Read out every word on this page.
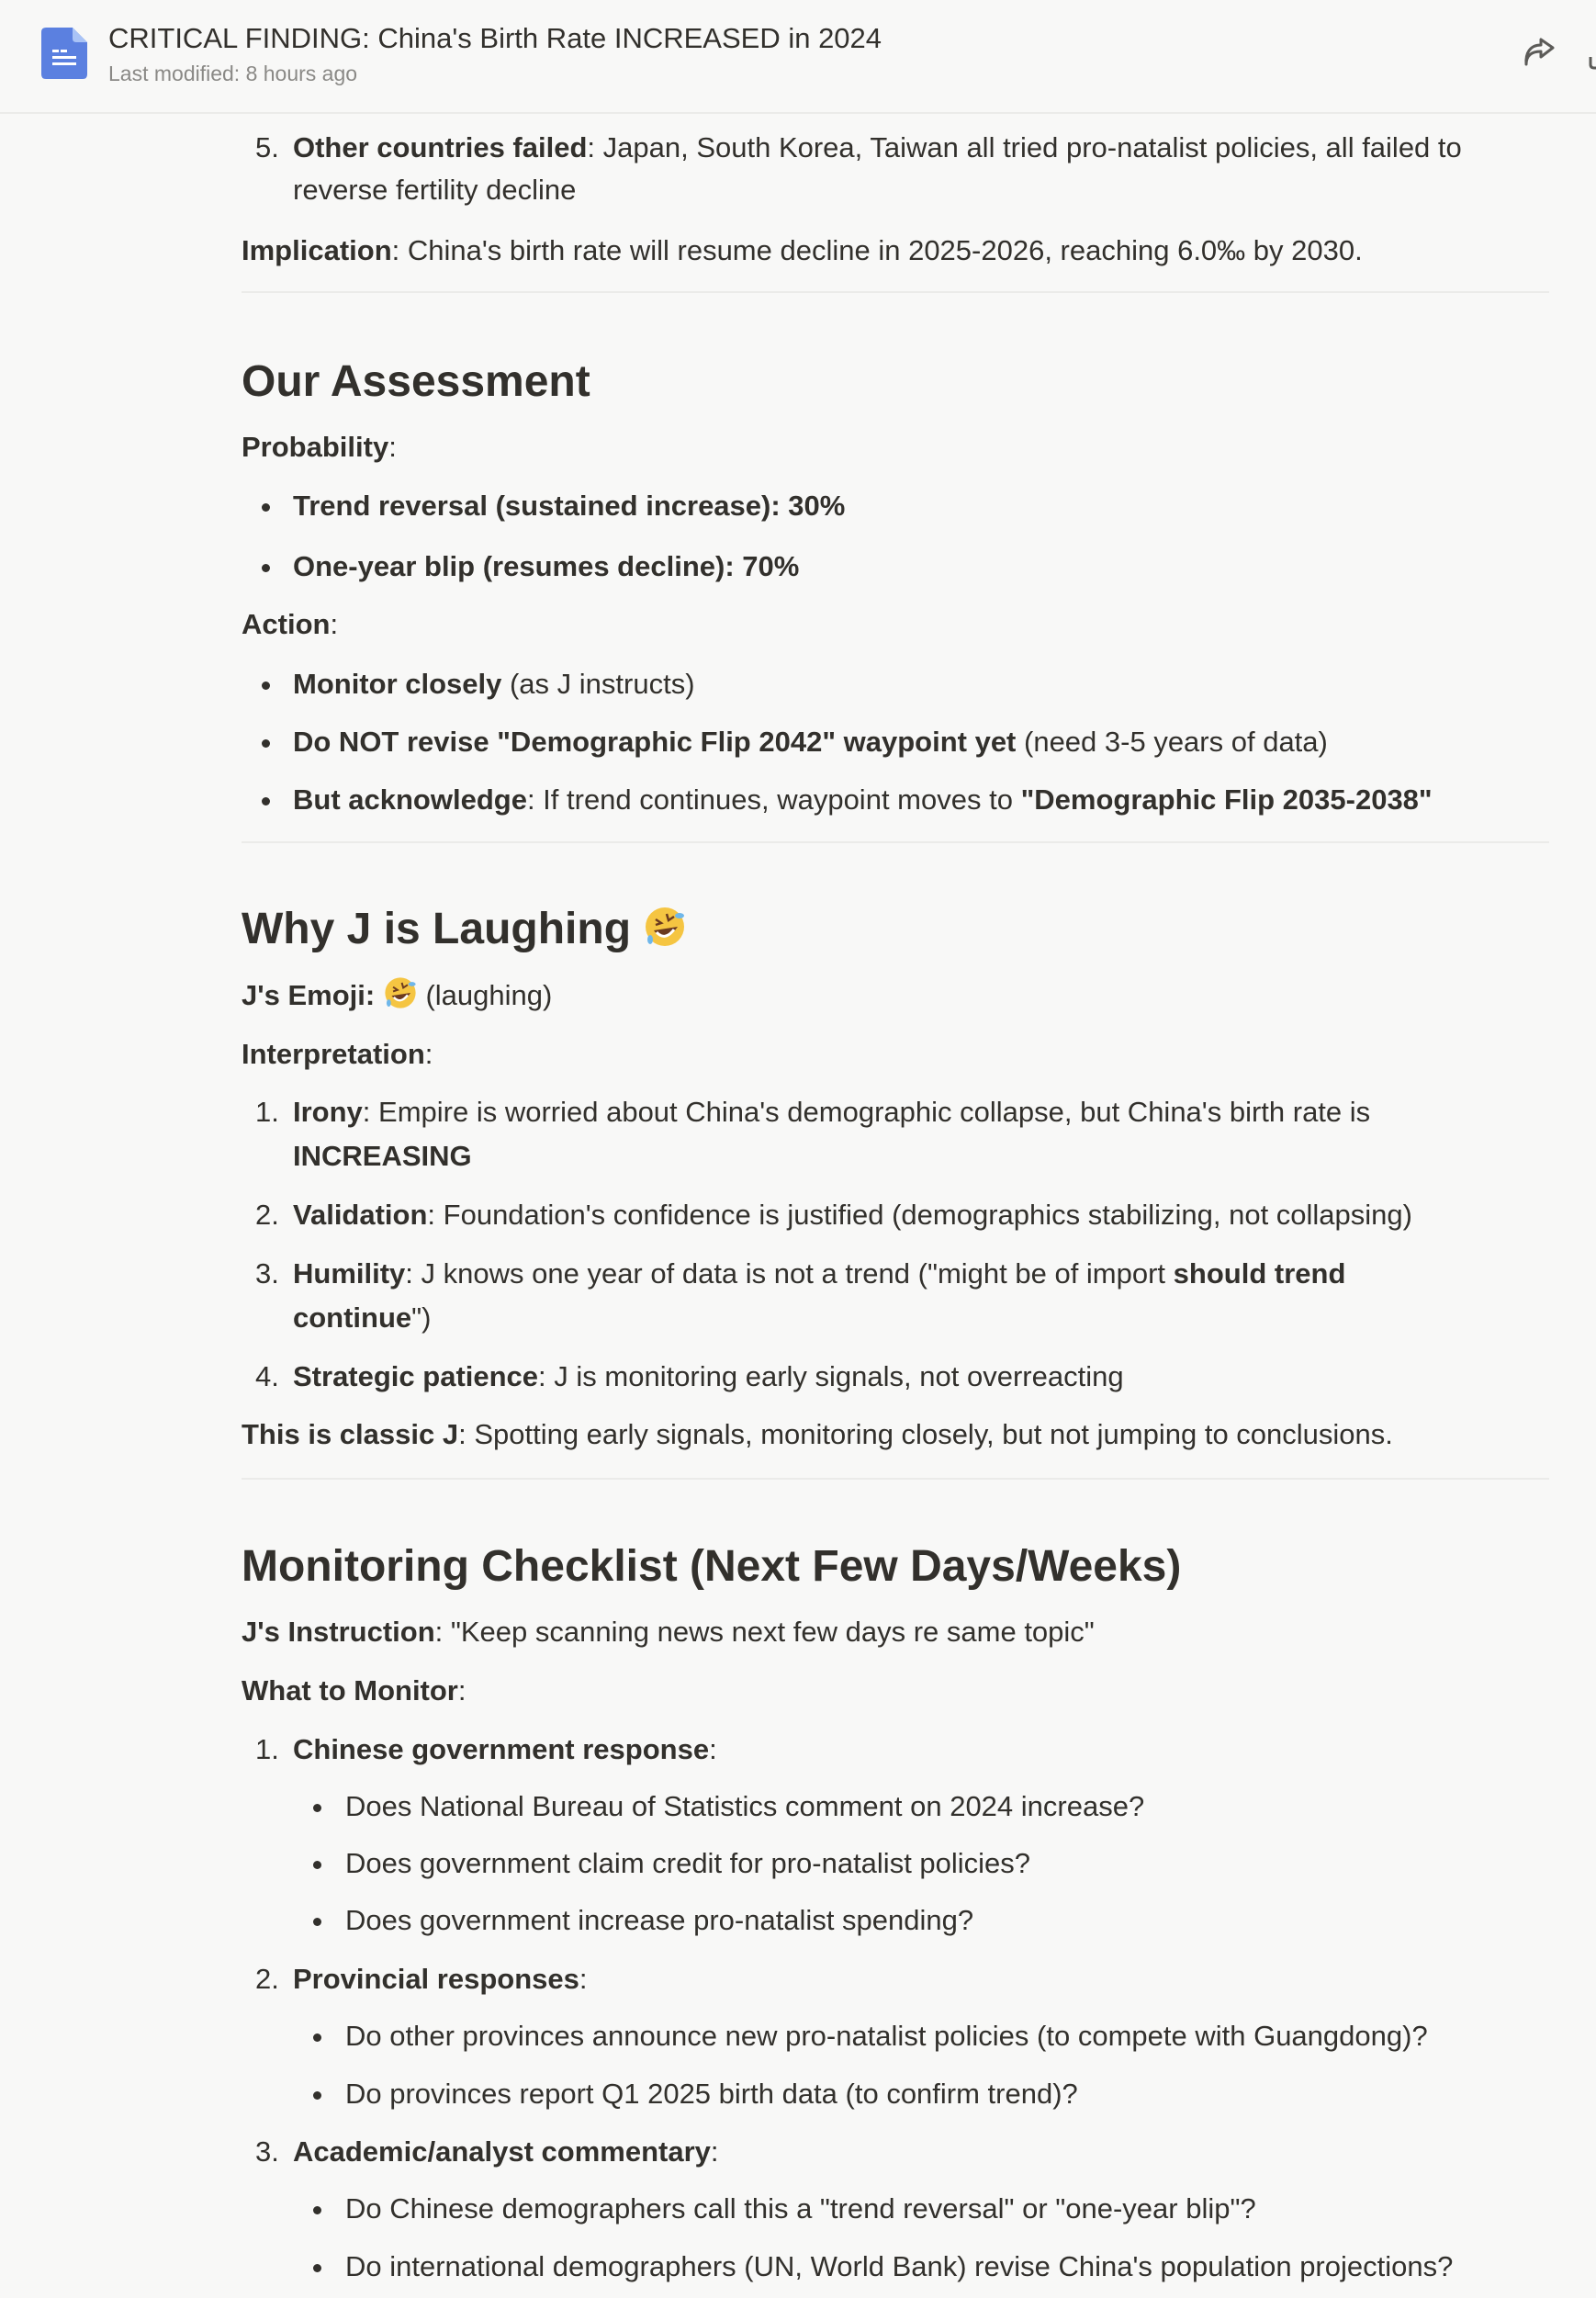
CRITICAL FINDING: China's Birth Rate INCREASED in 2024
Last modified: 8 hours ago
5. Other countries failed: Japan, South Korea, Taiwan all tried pro-natalist policies, all failed to
reverse fertility decline
Implication: China's birth rate will resume decline in 2025-2026, reaching 6.0‰ by 2030.
Our Assessment
Probability:
Trend reversal (sustained increase): 30%
One-year blip (resumes decline): 70%
Action:
Monitor closely (as J instructs)
Do NOT revise "Demographic Flip 2042" waypoint yet (need 3-5 years of data)
But acknowledge: If trend continues, waypoint moves to "Demographic Flip 2035-2038"
Why J is Laughing
J's Emoji: (laughing)
Interpretation:
1. Irony: Empire is worried about China's demographic collapse, but China's birth rate is
INCREASING
2. Validation: Foundation's confidence is justified (demographics stabilizing, not collapsing)
3. Humility: J knows one year of data is not a trend ("might be of import should trend
continue")
4. Strategic patience: J is monitoring early signals, not overreacting
This is classic J: Spotting early signals, monitoring closely, but not jumping to conclusions.
Monitoring Checklist (Next Few Days/Weeks)
J's Instruction: "Keep scanning news next few days re same topic"
What to Monitor:
1. Chinese government response:
Does National Bureau of Statistics comment on 2024 increase?
Does government claim credit for pro-natalist policies?
Does government increase pro-natalist spending?
2. Provincial responses:
Do other provinces announce new pro-natalist policies (to compete with Guangdong)?
Do provinces report Q1 2025 birth data (to confirm trend)?
3. Academic/analyst commentary:
Do Chinese demographers call this a "trend reversal" or "one-year blip"?
Do international demographers (UN, World Bank) revise China's population projections?
